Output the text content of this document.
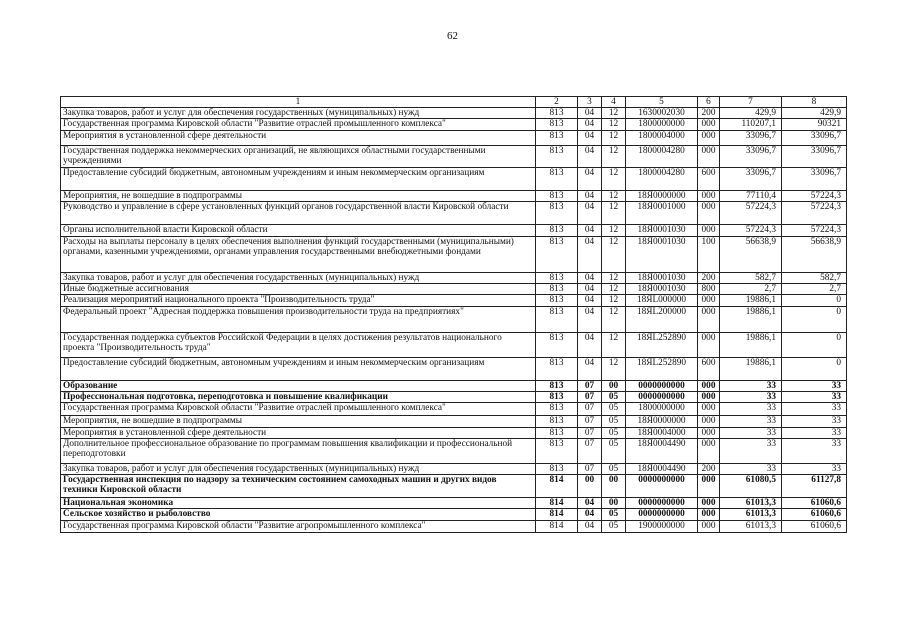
62
1	2	3	4	5	6	7	8
Закупка товаров, работ и услуг для обеспечения государственных (муниципальных) нужд	813	04	12	1630002030	200	429,9	429,9
Государственная программа Кировской области "Развитие отраслей промышленного комплекса"	813	04	12	1800000000	000	110207,1	90321
Мероприятия в установленной сфере деятельности	813	04	12	1800004000	000	33096,7	33096,7
Государственная поддержка некоммерческих организаций, не являющихся областными государственными учреждениями	813	04	12	1800004280	000	33096,7	33096,7
Предоставление субсидий бюджетным, автономным учреждениям и иным некоммерческим организациям	813	04	12	1800004280	600	33096,7	33096,7
Мероприятия, не вошедшие в подпрограммы	813	04	12	18Я0000000	000	77110,4	57224,3
Руководство и управление в сфере установленных функций органов государственной власти Кировской области	813	04	12	18Я0001000	000	57224,3	57224,3
Органы исполнительной власти Кировской области	813	04	12	18Я0001030	000	57224,3	57224,3
Расходы на выплаты персоналу в целях обеспечения выполнения функций государственными (муниципальными) органами, казенными учреждениями, органами управления государственными внебюджетными фондами	813	04	12	18Я0001030	100	56638,9	56638,9
Закупка товаров, работ и услуг для обеспечения государственных (муниципальных) нужд	813	04	12	18Я0001030	200	582,7	582,7
Иные бюджетные ассигнования	813	04	12	18Я0001030	800	2,7	2,7
Реализация мероприятий национального проекта "Производительность труда"	813	04	12	18ЯL000000	000	19886,1	0
Федеральный проект "Адресная поддержка повышения производительности труда на предприятиях"	813	04	12	18ЯL200000	000	19886,1	0
Государственная поддержка субъектов Российской Федерации в целях достижения результатов национального проекта "Производительность труда"	813	04	12	18ЯL252890	000	19886,1	0
Предоставление субсидий бюджетным, автономным учреждениям и иным некоммерческим организациям	813	04	12	18ЯL252890	600	19886,1	0
Образование	813	07	00	0000000000	000	33	33
Профессиональная подготовка, переподготовка и повышение квалификации	813	07	05	0000000000	000	33	33
Государственная программа Кировской области "Развитие отраслей промышленного комплекса"	813	07	05	1800000000	000	33	33
Мероприятия, не вошедшие в подпрограммы	813	07	05	18Я0000000	000	33	33
Мероприятия в установленной сфере деятельности	813	07	05	18Я0004000	000	33	33
Дополнительное профессиональное образование по программам повышения квалификации и профессиональной переподготовки	813	07	05	18Я0004490	000	33	33
Закупка товаров, работ и услуг для обеспечения государственных (муниципальных) нужд	813	07	05	18Я0004490	200	33	33
Государственная инспекция по надзору за техническим состоянием самоходных машин и других видов техники Кировской области	814	00	00	0000000000	000	61080,5	61127,8
Национальная экономика	814	04	00	0000000000	000	61013,3	61060,6
Сельское хозяйство и рыболовство	814	04	05	0000000000	000	61013,3	61060,6
Государственная программа Кировской области "Развитие агропромышленного комплекса"	814	04	05	1900000000	000	61013,3	61060,6
